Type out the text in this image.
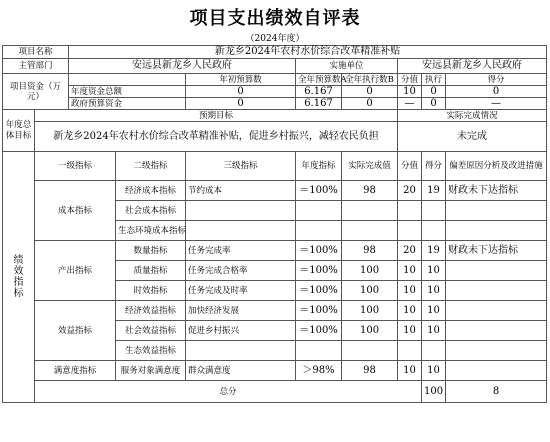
项目支出绩效自评表
（2024年度）
项目名称		新龙乡2024年农村水价综合改革精准补贴								
主管部门		安远县新龙乡人民政府			实施单位		安远县新龙乡人民政府			
项目资金（万元）				年初预算数	全年预算数A	全年执行数B	分值	执行	得分	
		年度资金总额		0	6.167	0	10	0	0	
		政府预算资金		0	6.167	0	—	0	—	
年度总体目标	预期目标						实际完成情况			
	新龙乡2024年农村水价综合改革精准补贴，促进乡村振兴，减轻农民负担						未完成			
绩效指标	一级指标		二级指标	三级指标	年度指标	实际完成值	分值	得分	偏差原因分析及改进措施	
	成本指标		经济成本指标	节约成本	＝100%	98	20	19	财政未下达指标	
			社会成本指标							
			生态环境成本指标							
	产出指标		数量指标	任务完成率	＝100%	98	20	19	财政未下达指标	
			质量指标	任务完成合格率	＝100%	100	10	10		
			时效指标	任务完成及时率	＝100%	100	10	10		
	效益指标		经济效益指标	加快经济发展	＝100%	100	10	10		
			社会效益指标	促进乡村振兴	＝100%	100	10	10		
			生态效益指标							
	满意度指标		服务对象满意度	群众满意度	＞98%	98	10	10		
	总分							100	8	
